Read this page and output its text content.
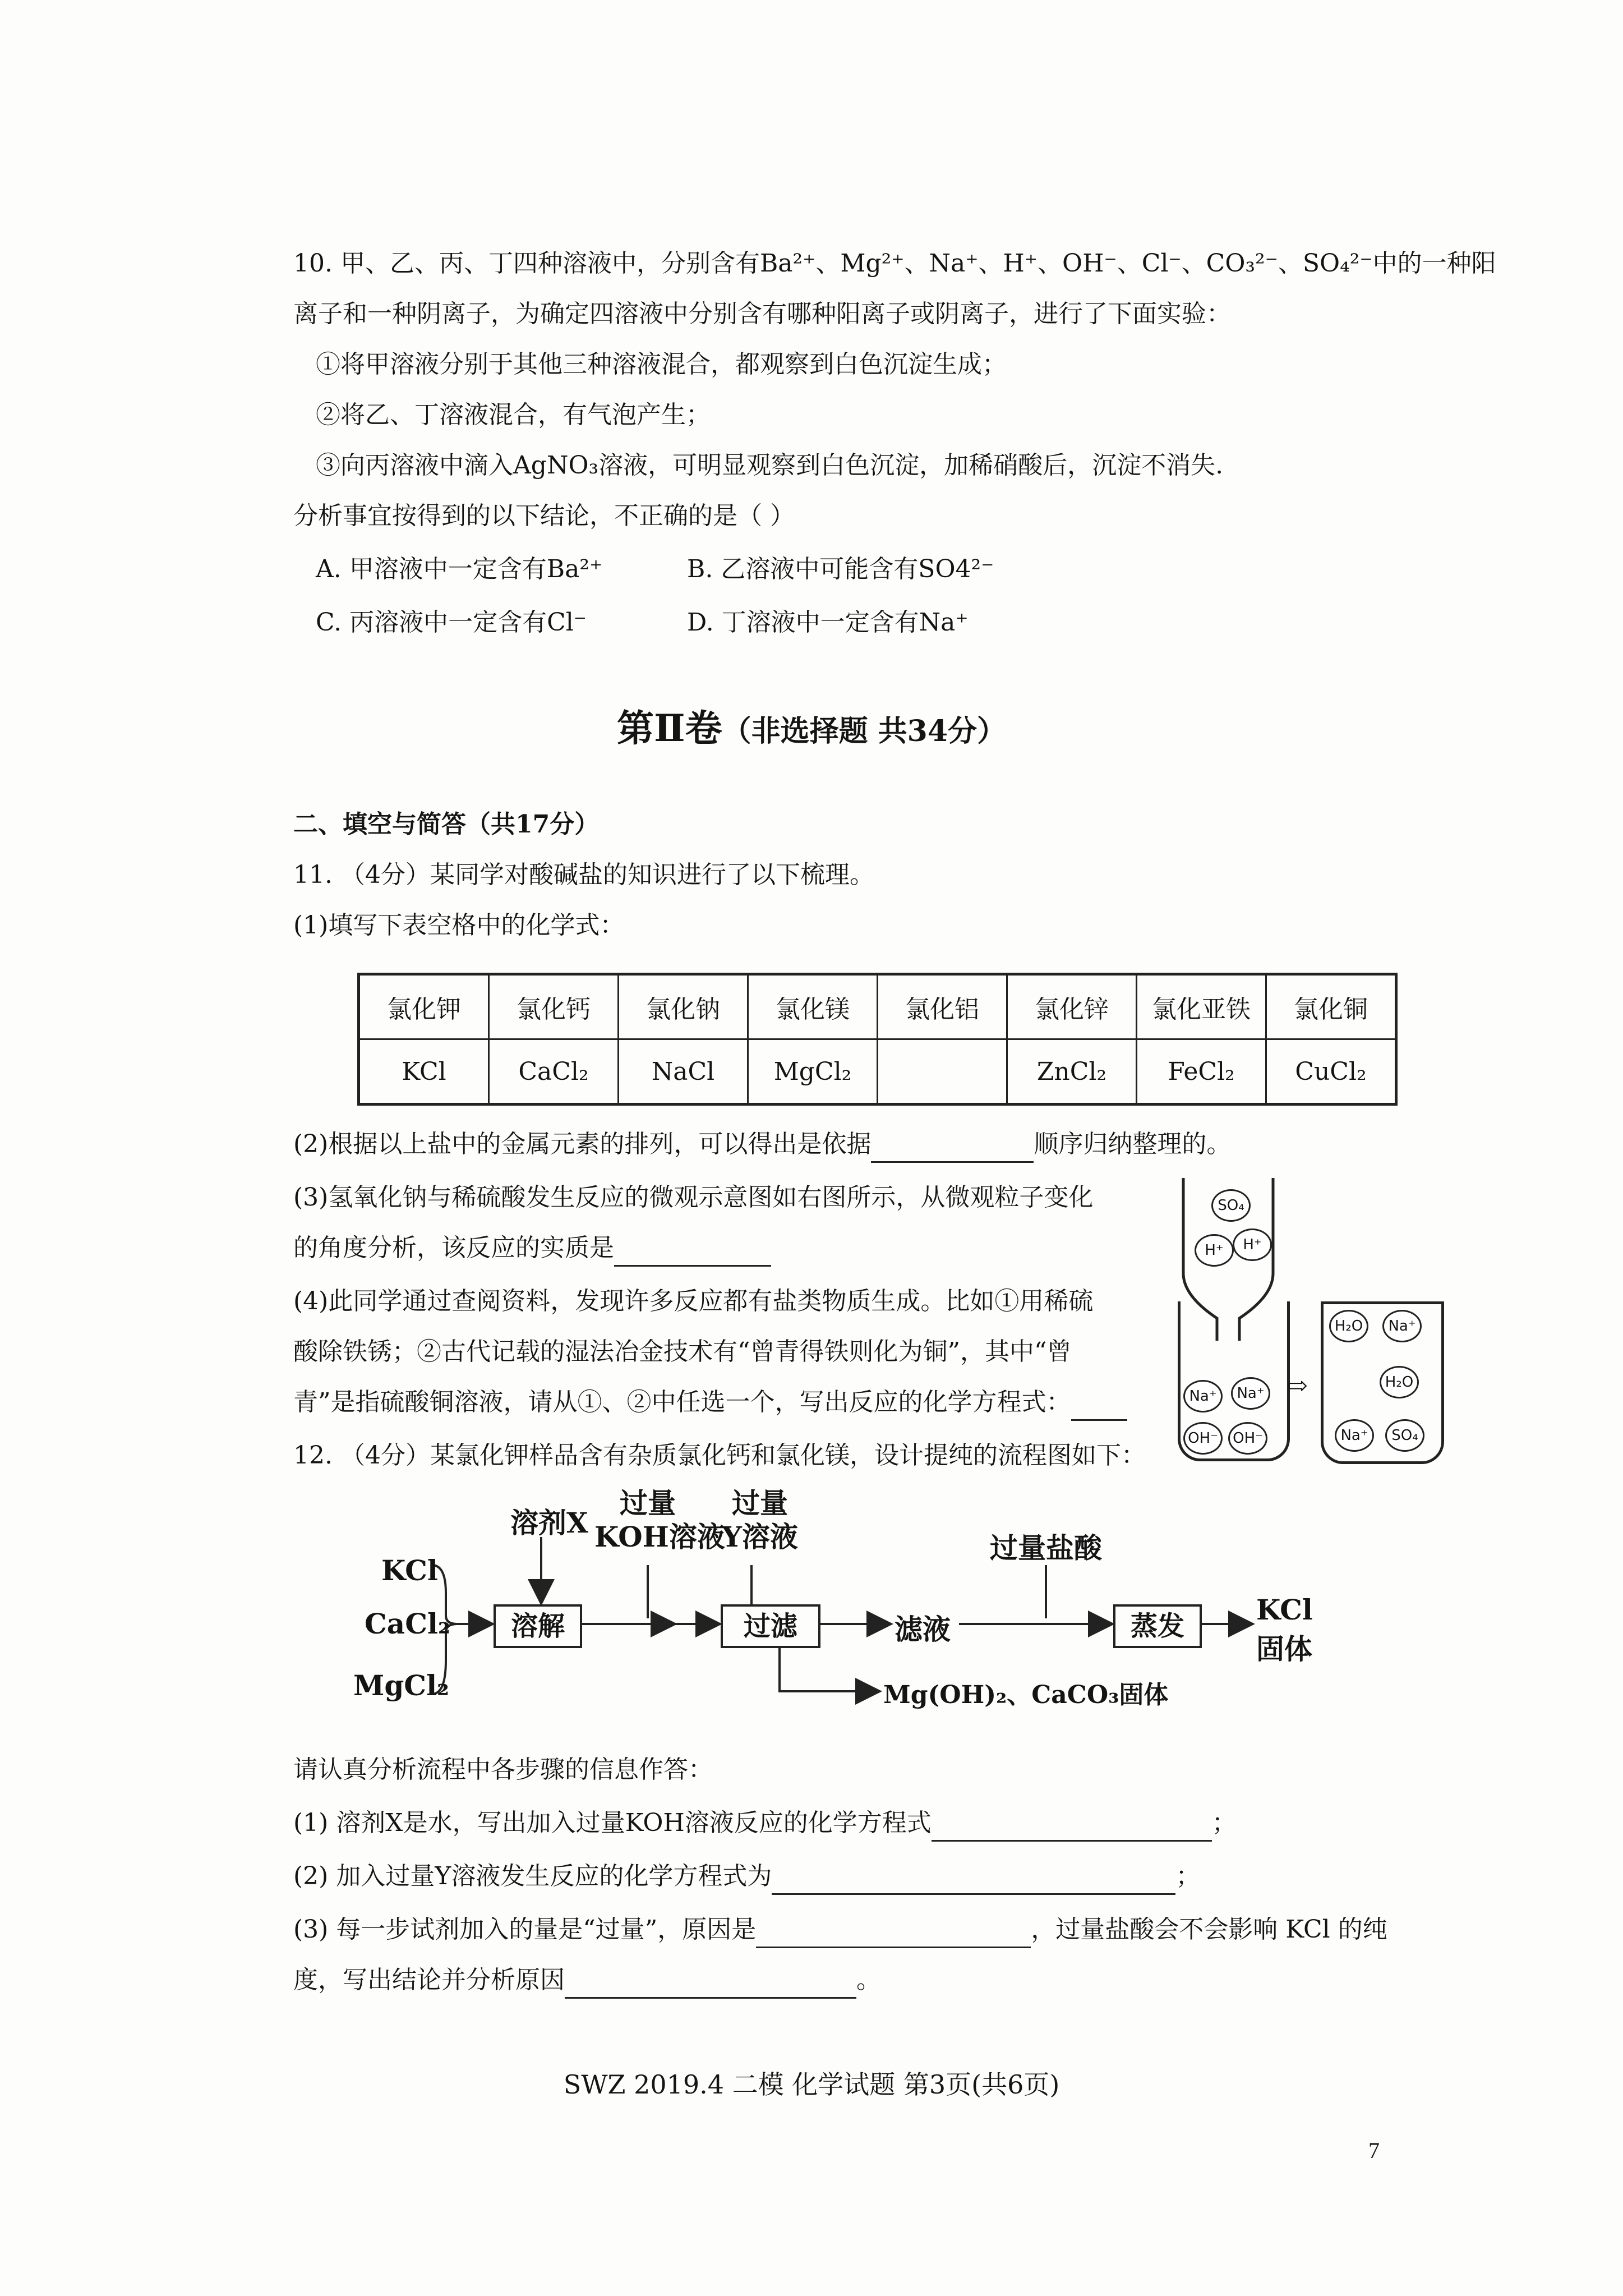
10. 甲、乙、丙、丁四种溶液中，分别含有Ba²⁺、Mg²⁺、Na⁺、H⁺、OH⁻、Cl⁻、CO₃²⁻、SO₄²⁻中的一种阳
离子和一种阴离子，为确定四溶液中分别含有哪种阳离子或阴离子，进行了下面实验：
①将甲溶液分别于其他三种溶液混合，都观察到白色沉淀生成；
②将乙、丁溶液混合，有气泡产生；
③向丙溶液中滴入AgNO₃溶液，可明显观察到白色沉淀，加稀硝酸后，沉淀不消失.
分析事宜按得到的以下结论，不正确的是（ ）
A. 甲溶液中一定含有Ba²⁺	B. 乙溶液中可能含有SO4²⁻
C. 丙溶液中一定含有Cl⁻	D. 丁溶液中一定含有Na⁺
第Ⅱ卷（非选择题 共34分）
二、填空与简答（共17分）
11. （4分）某同学对酸碱盐的知识进行了以下梳理。
(1)填写下表空格中的化学式：
氯化钾	氯化钙	氯化钠	氯化镁	氯化铝	氯化锌	氯化亚铁	氯化铜
KCl	CaCl₂	NaCl	MgCl₂		ZnCl₂	FeCl₂	CuCl₂
(2)根据以上盐中的金属元素的排列，可以得出是依据	顺序归纳整理的。
(3)氢氧化钠与稀硫酸发生反应的微观示意图如右图所示，从微观粒子变化
的角度分析，该反应的实质是
(4)此同学通过查阅资料，发现许多反应都有盐类物质生成。比如①用稀硫
酸除铁锈；②古代记载的湿法冶金技术有“曾青得铁则化为铜”，其中“曾
青”是指硫酸铜溶液，请从①、②中任选一个，写出反应的化学方程式：
SO₄
H⁺	H⁺
Na⁺	Na⁺
OH⁻	OH⁻
⇨
H₂O	Na⁺
H₂O
Na⁺	SO₄
12. （4分）某氯化钾样品含有杂质氯化钙和氯化镁，设计提纯的流程图如下：
KCl
CaCl₂
MgCl₂
溶剂X
过量
KOH溶液
过量
Y溶液	过量盐酸
溶解	过滤	滤液	蒸发	KCl
固体
Mg(OH)₂、CaCO₃固体
请认真分析流程中各步骤的信息作答：
(1) 溶剂X是水，写出加入过量KOH溶液反应的化学方程式	；
(2) 加入过量Y溶液发生反应的化学方程式为	；
(3) 每一步试剂加入的量是“过量”，原因是	，过量盐酸会不会影响 KCl 的纯
度，写出结论并分析原因	。
SWZ 2019.4 二模 化学试题 第3页(共6页)
7
